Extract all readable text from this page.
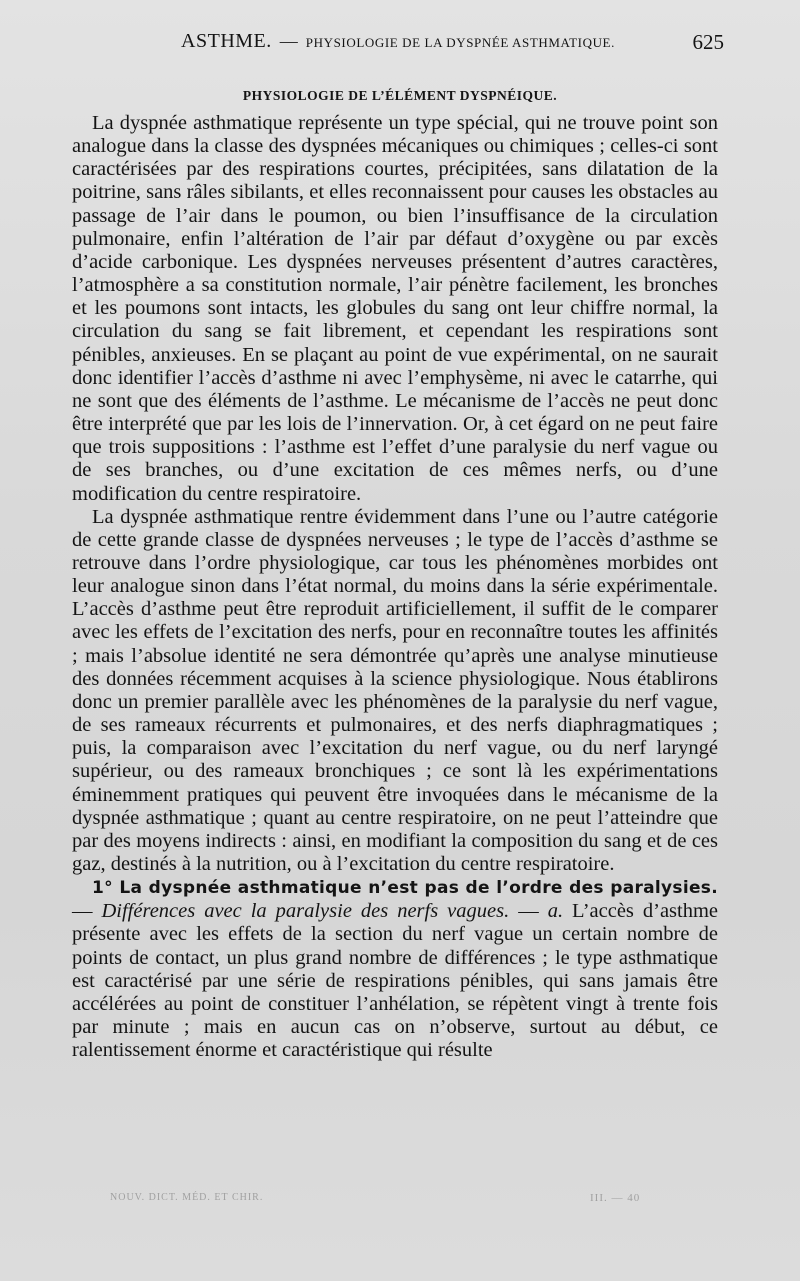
ASTHME. — PHYSIOLOGIE DE LA DYSPNÉE ASTHMATIQUE.	625
PHYSIOLOGIE DE L’ÉLÉMENT DYSPNÉIQUE.

La dyspnée asthmatique représente un type spécial, qui ne trouve point son analogue dans la classe des dyspnées mécaniques ou chimiques ; celles-ci sont caractérisées par des respirations courtes, précipitées, sans dilatation de la poitrine, sans râles sibilants, et elles reconnaissent pour causes les obstacles au passage de l’air dans le poumon, ou bien l’insuffisance de la circulation pulmonaire, enfin l’altération de l’air par défaut d’oxygène ou par excès d’acide carbonique. Les dyspnées nerveuses présentent d’autres caractères, l’atmosphère a sa constitution normale, l’air pénètre facilement, les bronches et les poumons sont intacts, les globules du sang ont leur chiffre normal, la circulation du sang se fait librement, et cependant les respirations sont pénibles, anxieuses. En se plaçant au point de vue expérimental, on ne saurait donc identifier l’accès d’asthme ni avec l’emphysème, ni avec le catarrhe, qui ne sont que des éléments de l’asthme. Le mécanisme de l’accès ne peut donc être interprété que par les lois de l’innervation. Or, à cet égard on ne peut faire que trois suppositions : l’asthme est l’effet d’une paralysie du nerf vague ou de ses branches, ou d’une excitation de ces mêmes nerfs, ou d’une modification du centre respiratoire.

La dyspnée asthmatique rentre évidemment dans l’une ou l’autre catégorie de cette grande classe de dyspnées nerveuses ; le type de l’accès d’asthme se retrouve dans l’ordre physiologique, car tous les phénomènes morbides ont leur analogue sinon dans l’état normal, du moins dans la série expérimentale. L’accès d’asthme peut être reproduit artificiellement, il suffit de le comparer avec les effets de l’excitation des nerfs, pour en reconnaître toutes les affinités ; mais l’absolue identité ne sera démontrée qu’après une analyse minutieuse des données récemment acquises à la science physiologique. Nous établirons donc un premier parallèle avec les phénomènes de la paralysie du nerf vague, de ses rameaux récurrents et pulmonaires, et des nerfs diaphragmatiques ; puis, la comparaison avec l’excitation du nerf vague, ou du nerf laryngé supérieur, ou des rameaux bronchiques ; ce sont là les expérimentations éminemment pratiques qui peuvent être invoquées dans le mécanisme de la dyspnée asthmatique ; quant au centre respiratoire, on ne peut l’atteindre que par des moyens indirects : ainsi, en modifiant la composition du sang et de ces gaz, destinés à la nutrition, ou à l’excitation du centre respiratoire.

1° La dyspnée asthmatique n’est pas de l’ordre des paralysies. — Différences avec la paralysie des nerfs vagues. — a. L’accès d’asthme présente avec les effets de la section du nerf vague un certain nombre de points de contact, un plus grand nombre de différences ; le type asthmatique est caractérisé par une série de respirations pénibles, qui sans jamais être accélérées au point de constituer l’anhélation, se répètent vingt à trente fois par minute ; mais en aucun cas on n’observe, surtout au début, ce ralentissement énorme et caractéristique qui résulte

NOUV. DICT. MÉD. ET CHIR.	III. — 40
